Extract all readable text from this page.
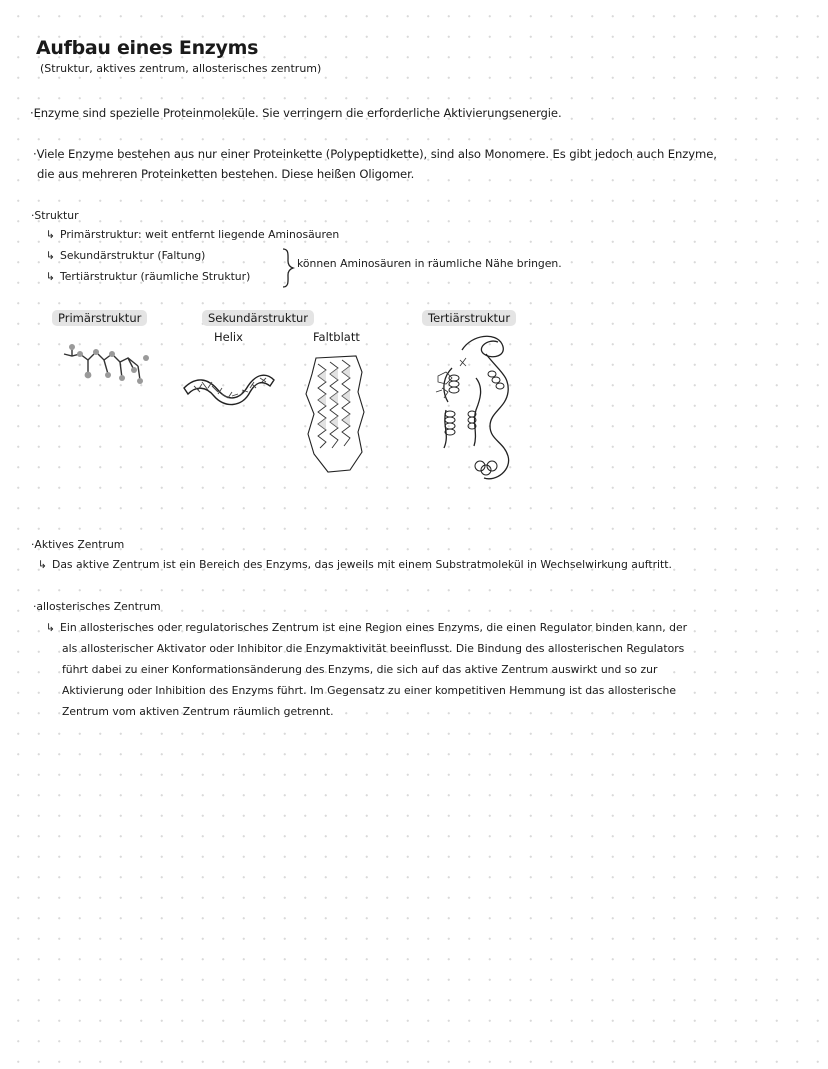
Aufbau eines Enzyms
(Struktur, aktives zentrum, allosterisches zentrum)
·Enzyme sind spezielle Proteinmoleküle. Sie verringern die erforderliche Aktivierungsenergie.
·Viele Enzyme bestehen aus nur einer Proteinkette (Polypeptidkette), sind also Monomere. Es gibt jedoch auch Enzyme,
die aus mehreren Proteinketten bestehen. Diese heißen Oligomer.
·Struktur
↳ Primärstruktur: weit entfernt liegende Aminosäuren
↳ Sekundärstruktur (Faltung)
↳ Tertiärstruktur (räumliche Struktur)
können Aminosäuren in räumliche Nähe bringen.
Primärstruktur	Sekundärstruktur
Helix	Faltblatt
Tertiärstruktur
·Aktives Zentrum
↳ Das aktive Zentrum ist ein Bereich des Enzyms, das jeweils mit einem Substratmolekül in Wechselwirkung auftritt.
·allosterisches Zentrum
↳ Ein allosterisches oder regulatorisches Zentrum ist eine Region eines Enzyms, die einen Regulator binden kann, der
als allosterischer Aktivator oder Inhibitor die Enzymaktivität beeinflusst. Die Bindung des allosterischen Regulators
führt dabei zu einer Konformationsänderung des Enzyms, die sich auf das aktive Zentrum auswirkt und so zur
Aktivierung oder Inhibition des Enzyms führt. Im Gegensatz zu einer kompetitiven Hemmung ist das allosterische
Zentrum vom aktiven Zentrum räumlich getrennt.
